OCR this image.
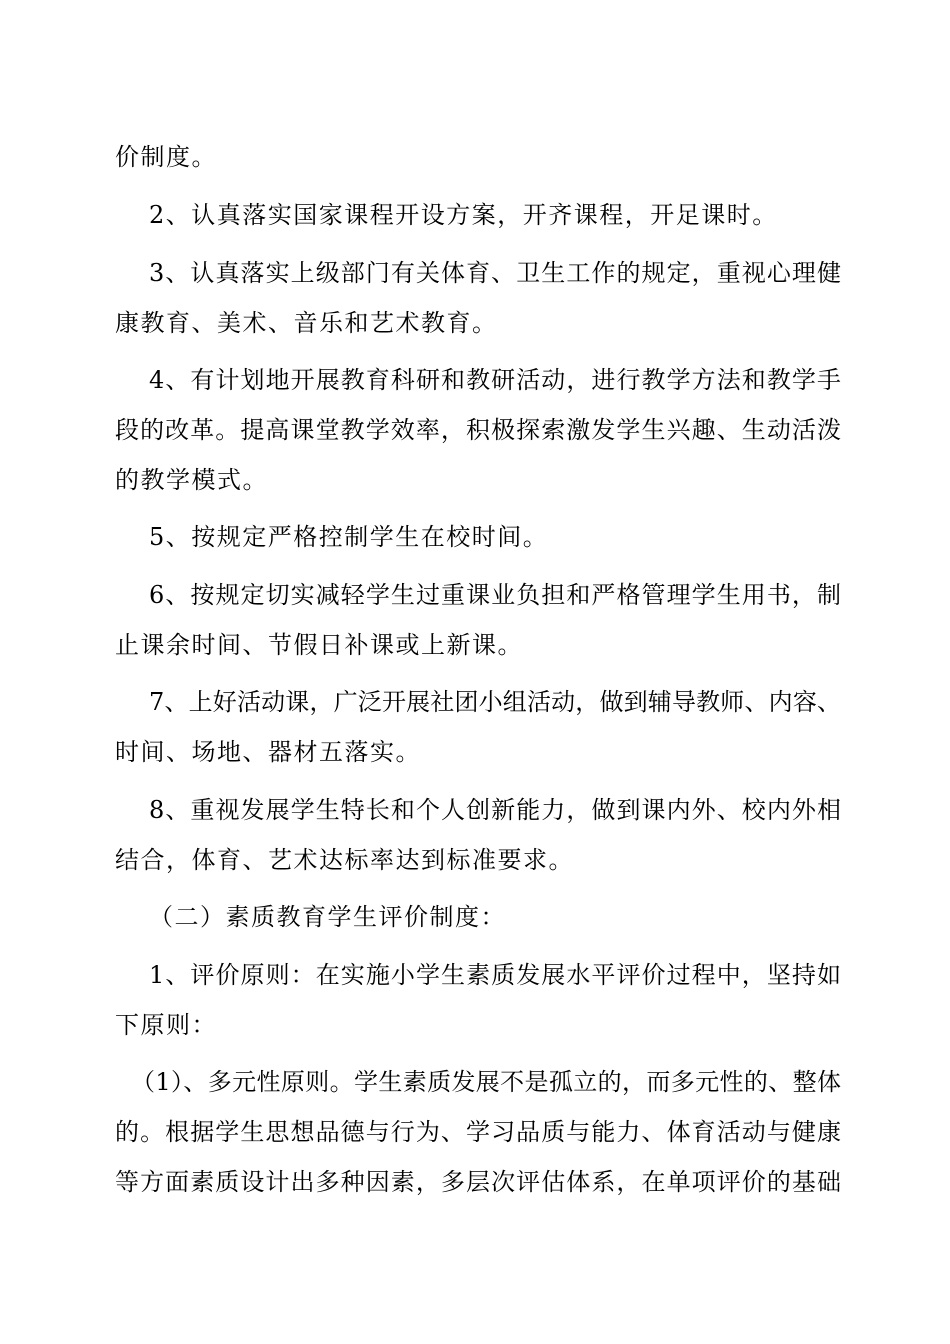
价制度。
2、认真落实国家课程开设方案，开齐课程，开足课时。
3、认真落实上级部门有关体育、卫生工作的规定，重视心理健
康教育、美术、音乐和艺术教育。
4、有计划地开展教育科研和教研活动，进行教学方法和教学手
段的改革。提高课堂教学效率，积极探索激发学生兴趣、生动活泼
的教学模式。
5、按规定严格控制学生在校时间。
6、按规定切实减轻学生过重课业负担和严格管理学生用书，制
止课余时间、节假日补课或上新课。
7、上好活动课，广泛开展社团小组活动，做到辅导教师、内容、
时间、场地、器材五落实。
8、重视发展学生特长和个人创新能力，做到课内外、校内外相
结合，体育、艺术达标率达到标准要求。
（二）素质教育学生评价制度：
1、评价原则：在实施小学生素质发展水平评价过程中，坚持如
下原则：
（1）、多元性原则。学生素质发展不是孤立的，而多元性的、整体
的。根据学生思想品德与行为、学习品质与能力、体育活动与健康
等方面素质设计出多种因素，多层次评估体系，在单项评价的基础
